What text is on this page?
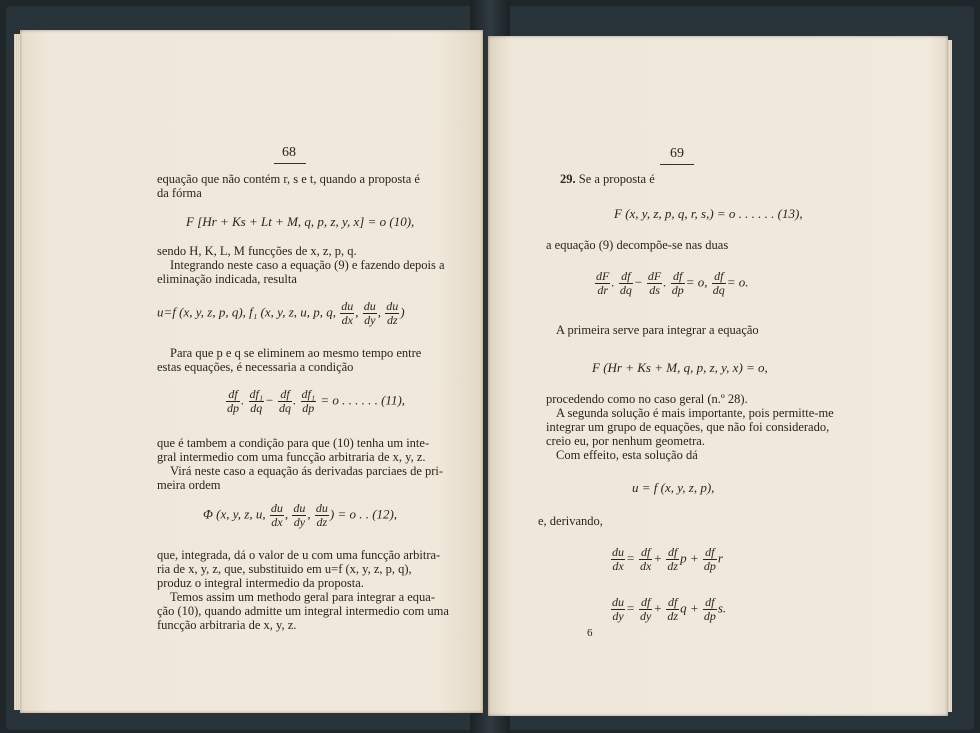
68
equação que não contém r, s e t, quando a proposta é
da fórma
F [Hr + Ks + Lt + M, q, p, z, y, x] = o (10),
sendo H, K, L, M funcções de x, z, p, q.
Integrando neste caso a equação (9) e fazendo depois a
eliminação indicada, resulta
u=f (x, y, z, p, q), f₁ (x, y, z, u, p, q, $\frac{du}{dx}$ , $\frac{du}{dy}$ , $\frac{du}{dz}$ )
Para que p e q se eliminem ao mesmo tempo entre
estas equações, é necessaria a condição
$\frac{df}{dp}$ . $\frac{\text{df₁}}{dq} - \frac{df}{dq}$ . $\frac{\text{df₁}}{dp} = o$ . . . . . . (11),
que é tambem a condição para que (10) tenha um inte-
gral intermedio com uma funcção arbitraria de x, y, z.
Virá neste caso a equação ás derivadas parciaes de pri-
meira ordem
Φ (x, y, z, u, $\frac{du}{dx}$ , $\frac{du}{dy}$ , $\frac{du}{dz}$ ) = o . . (12),
que, integrada, dá o valor de u com uma funcção arbitra-
ria de x, y, z, que, substituido em u=f (x, y, z, p, q),
produz o integral intermedio da proposta.
Temos assim um methodo geral para integrar a equa-
ção (10), quando admitte um integral intermedio com uma
funcção arbitraria de x, y, z.
69
29. Se a proposta é
F (x, y, z, p, q, r, s,) = o . . . . . . (13),
a equação (9) decompõe-se nas duas
$\frac{dF}{dr}$ . $\frac{df}{dq} - \frac{dF}{ds}$ . $\frac{df}{dp} = o$, $\frac{df}{dq} = o$.
A primeira serve para integrar a equação
F (Hr + Ks + M, q, p, z, y, x) = o,
procedendo como no caso geral (n.º 28).
A segunda solução é mais importante, pois permitte-me
integrar um grupo de equações, que não foi considerado,
creio eu, por nenhum geometra.
Com effeito, esta solução dá
u = f (x, y, z, p),
e, derivando,
$\frac{du}{dx} = \frac{df}{dx} + \frac{df}{dz}$ $p + \frac{df}{dp}$ r
$\frac{du}{dy} = \frac{df}{dy} + \frac{df}{dz}$ $q + \frac{df}{dp} s$.
6
